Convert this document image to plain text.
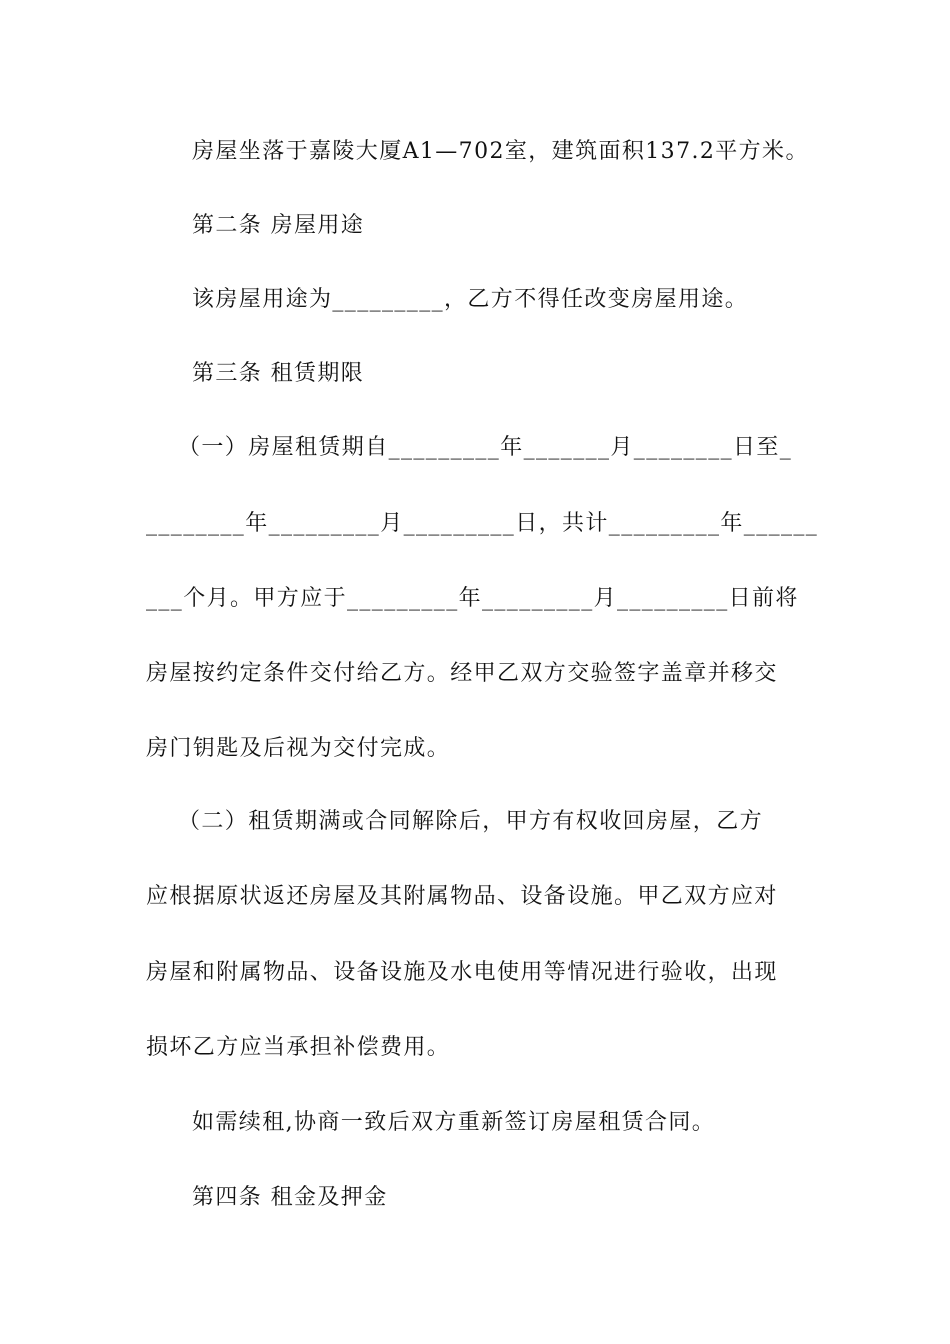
房屋坐落于嘉陵大厦A1—702室，建筑面积137.2平方米。
第二条 房屋用途
该房屋用途为_________，乙方不得任改变房屋用途。
第三条 租赁期限
（一）房屋租赁期自_________年_______月________日至_
________年_________月_________日，共计_________年______
___个月。甲方应于_________年_________月_________日前将
房屋按约定条件交付给乙方。经甲乙双方交验签字盖章并移交
房门钥匙及后视为交付完成。
（二）租赁期满或合同解除后，甲方有权收回房屋，乙方
应根据原状返还房屋及其附属物品、设备设施。甲乙双方应对
房屋和附属物品、设备设施及水电使用等情况进行验收，出现
损坏乙方应当承担补偿费用。
如需续租,协商一致后双方重新签订房屋租赁合同。
第四条 租金及押金
